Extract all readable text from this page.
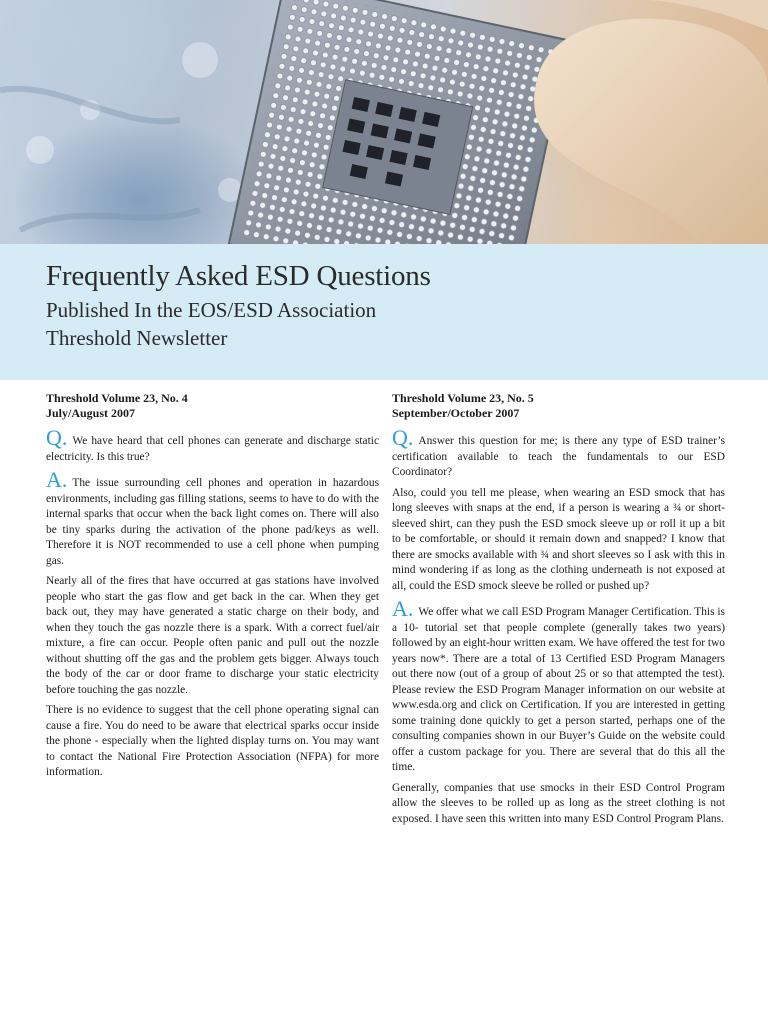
Frequently Asked ESD Questions
Published In the EOS/ESD Association
Threshold Newsletter
Threshold Volume 23, No. 4
July/August 2007

Q. We have heard that cell phones can generate and discharge static electricity. Is this true?

A. The issue surrounding cell phones and operation in hazardous environments, including gas filling stations, seems to have to do with the internal sparks that occur when the back light comes on. There will also be tiny sparks during the activation of the phone pad/keys as well. Therefore it is NOT recommended to use a cell phone when pumping gas.

Nearly all of the fires that have occurred at gas stations have involved people who start the gas flow and get back in the car. When they get back out, they may have generated a static charge on their body, and when they touch the gas nozzle there is a spark. With a correct fuel/air mixture, a fire can occur. People often panic and pull out the nozzle without shutting off the gas and the problem gets bigger. Always touch the body of the car or door frame to discharge your static electricity before touching the gas nozzle.

There is no evidence to suggest that the cell phone operating signal can cause a fire. You do need to be aware that electrical sparks occur inside the phone - especially when the lighted display turns on. You may want to contact the National Fire Protection Association (NFPA) for more information.

Threshold Volume 23, No. 5
September/October 2007

Q. Answer this question for me; is there any type of ESD trainer’s certification available to teach the fundamentals to our ESD Coordinator?

Also, could you tell me please, when wearing an ESD smock that has long sleeves with snaps at the end, if a person is wearing a ¾ or short-sleeved shirt, can they push the ESD smock sleeve up or roll it up a bit to be comfortable, or should it remain down and snapped? I know that there are smocks available with ¾ and short sleeves so I ask with this in mind wondering if as long as the clothing underneath is not exposed at all, could the ESD smock sleeve be rolled or pushed up?

A. We offer what we call ESD Program Manager Certification. This is a 10- tutorial set that people complete (generally takes two years) followed by an eight-hour written exam. We have offered the test for two years now*. There are a total of 13 Certified ESD Program Managers out there now (out of a group of about 25 or so that attempted the test). Please review the ESD Program Manager information on our website at www.esda.org and click on Certification. If you are interested in getting some training done quickly to get a person started, perhaps one of the consulting companies shown in our Buyer’s Guide on the website could offer a custom package for you. There are several that do this all the time.

Generally, companies that use smocks in their ESD Control Program allow the sleeves to be rolled up as long as the street clothing is not exposed. I have seen this written into many ESD Control Program Plans.
